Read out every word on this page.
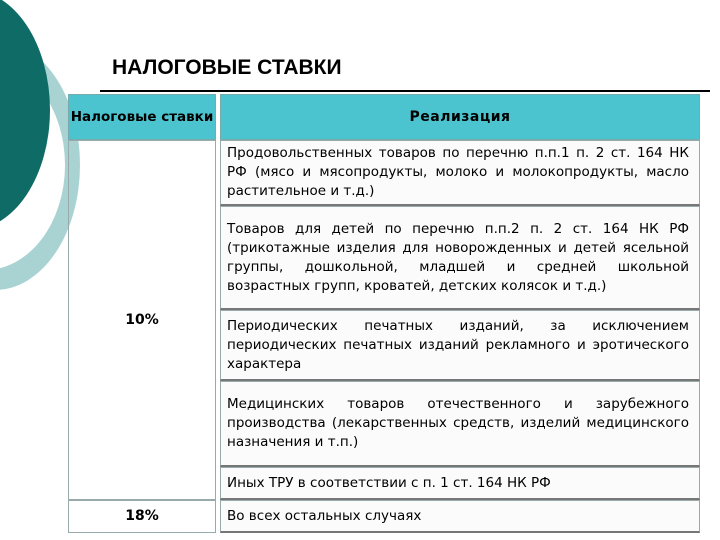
НАЛОГОВЫЕ СТАВКИ
Налоговые ставки		Реализация
10%		Продовольственных товаров по перечню п.п.1 п. 2 ст. 164 НК РФ (мясо и мясопродукты, молоко и молокопродукты, масло растительное и т.д.)
		Товаров для детей по перечню п.п.2 п. 2 ст. 164 НК РФ (трикотажные изделия для новорожденных и детей ясельной группы, дошкольной, младшей и средней школьной возрастных групп, кроватей, детских колясок и т.д.)
		Периодических печатных изданий, за исключением периодических печатных изданий рекламного и эротического характера
		Медицинских товаров отечественного и зарубежного производства (лекарственных средств, изделий медицинского назначения и т.п.)
		Иных ТРУ в соответствии с п. 1 ст. 164 НК РФ
18%		Во всех остальных случаях
